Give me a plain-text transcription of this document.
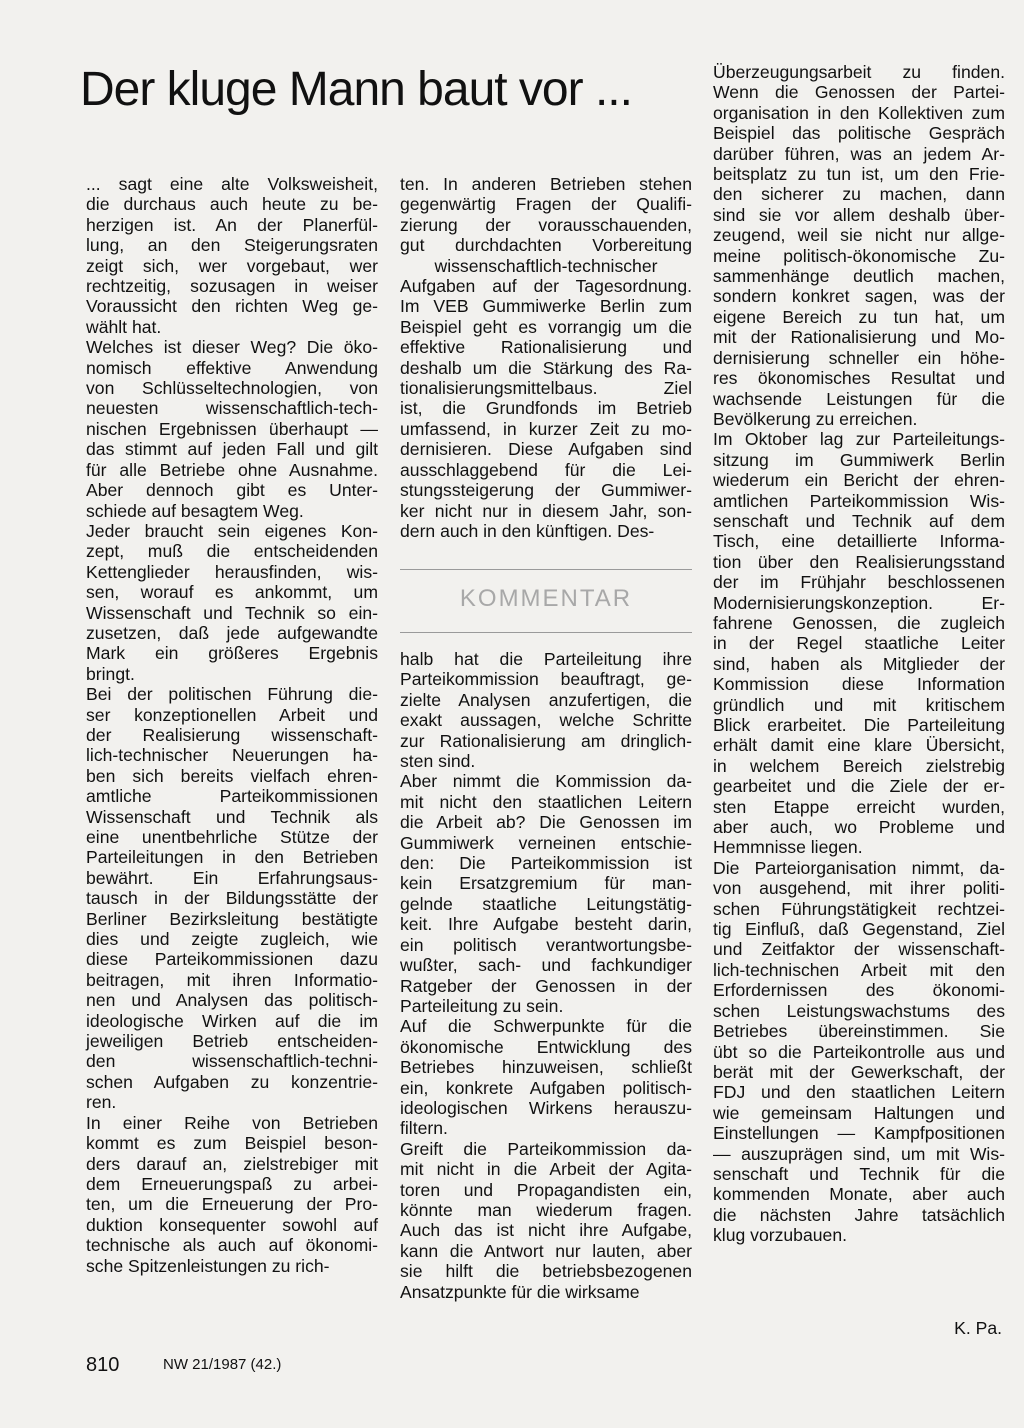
Der kluge Mann baut vor ...
... sagt eine alte Volksweisheit,
die durchaus auch heute zu be-
herzigen ist. An der Planerfül-
lung, an den Steigerungsraten
zeigt sich, wer vorgebaut, wer
rechtzeitig, sozusagen in weiser
Voraussicht den richten Weg ge-
wählt hat.
Welches ist dieser Weg? Die öko-
nomisch effektive Anwendung
von Schlüsseltechnologien, von
neuesten wissenschaftlich-tech-
nischen Ergebnissen überhaupt —
das stimmt auf jeden Fall und gilt
für alle Betriebe ohne Ausnahme.
Aber dennoch gibt es Unter-
schiede auf besagtem Weg.
Jeder braucht sein eigenes Kon-
zept, muß die entscheidenden
Kettenglieder herausfinden, wis-
sen, worauf es ankommt, um
Wissenschaft und Technik so ein-
zusetzen, daß jede aufgewandte
Mark ein größeres Ergebnis
bringt.
Bei der politischen Führung die-
ser konzeptionellen Arbeit und
der Realisierung wissenschaft-
lich-technischer Neuerungen ha-
ben sich bereits vielfach ehren-
amtliche Parteikommissionen
Wissenschaft und Technik als
eine unentbehrliche Stütze der
Parteileitungen in den Betrieben
bewährt. Ein Erfahrungsaus-
tausch in der Bildungsstätte der
Berliner Bezirksleitung bestätigte
dies und zeigte zugleich, wie
diese Parteikommissionen dazu
beitragen, mit ihren Informatio-
nen und Analysen das politisch-
ideologische Wirken auf die im
jeweiligen Betrieb entscheiden-
den wissenschaftlich-techni-
schen Aufgaben zu konzentrie-
ren.
In einer Reihe von Betrieben
kommt es zum Beispiel beson-
ders darauf an, zielstrebiger mit
dem Erneuerungspaß zu arbei-
ten, um die Erneuerung der Pro-
duktion konsequenter sowohl auf
technische als auch auf ökonomi-
sche Spitzenleistungen zu rich-
ten. In anderen Betrieben stehen
gegenwärtig Fragen der Qualifi-
zierung der vorausschauenden,
gut durchdachten Vorbereitung
wissenschaftlich-technischer
Aufgaben auf der Tagesordnung.
Im VEB Gummiwerke Berlin zum
Beispiel geht es vorrangig um die
effektive Rationalisierung und
deshalb um die Stärkung des Ra-
tionalisierungsmittelbaus. Ziel
ist, die Grundfonds im Betrieb
umfassend, in kurzer Zeit zu mo-
dernisieren. Diese Aufgaben sind
ausschlaggebend für die Lei-
stungssteigerung der Gummiwer-
ker nicht nur in diesem Jahr, son-
dern auch in den künftigen. Des-
KOMMENTAR
halb hat die Parteileitung ihre
Parteikommission beauftragt, ge-
zielte Analysen anzufertigen, die
exakt aussagen, welche Schritte
zur Rationalisierung am dringlich-
sten sind.
Aber nimmt die Kommission da-
mit nicht den staatlichen Leitern
die Arbeit ab? Die Genossen im
Gummiwerk verneinen entschie-
den: Die Parteikommission ist
kein Ersatzgremium für man-
gelnde staatliche Leitungstätig-
keit. Ihre Aufgabe besteht darin,
ein politisch verantwortungsbe-
wußter, sach- und fachkundiger
Ratgeber der Genossen in der
Parteileitung zu sein.
Auf die Schwerpunkte für die
ökonomische Entwicklung des
Betriebes hinzuweisen, schließt
ein, konkrete Aufgaben politisch-
ideologischen Wirkens herauszu-
filtern.
Greift die Parteikommission da-
mit nicht in die Arbeit der Agita-
toren und Propagandisten ein,
könnte man wiederum fragen.
Auch das ist nicht ihre Aufgabe,
kann die Antwort nur lauten, aber
sie hilft die betriebsbezogenen
Ansatzpunkte für die wirksame
Überzeugungsarbeit zu finden.
Wenn die Genossen der Partei-
organisation in den Kollektiven zum
Beispiel das politische Gespräch
darüber führen, was an jedem Ar-
beitsplatz zu tun ist, um den Frie-
den sicherer zu machen, dann
sind sie vor allem deshalb über-
zeugend, weil sie nicht nur allge-
meine politisch-ökonomische Zu-
sammenhänge deutlich machen,
sondern konkret sagen, was der
eigene Bereich zu tun hat, um
mit der Rationalisierung und Mo-
dernisierung schneller ein höhe-
res ökonomisches Resultat und
wachsende Leistungen für die
Bevölkerung zu erreichen.
Im Oktober lag zur Parteileitungs-
sitzung im Gummiwerk Berlin
wiederum ein Bericht der ehren-
amtlichen Parteikommission Wis-
senschaft und Technik auf dem
Tisch, eine detaillierte Informa-
tion über den Realisierungsstand
der im Frühjahr beschlossenen
Modernisierungskonzeption. Er-
fahrene Genossen, die zugleich
in der Regel staatliche Leiter
sind, haben als Mitglieder der
Kommission diese Information
gründlich und mit kritischem
Blick erarbeitet. Die Parteileitung
erhält damit eine klare Übersicht,
in welchem Bereich zielstrebig
gearbeitet und die Ziele der er-
sten Etappe erreicht wurden,
aber auch, wo Probleme und
Hemmnisse liegen.
Die Parteiorganisation nimmt, da-
von ausgehend, mit ihrer politi-
schen Führungstätigkeit rechtzei-
tig Einfluß, daß Gegenstand, Ziel
und Zeitfaktor der wissenschaft-
lich-technischen Arbeit mit den
Erfordernissen des ökonomi-
schen Leistungswachstums des
Betriebes übereinstimmen. Sie
übt so die Parteikontrolle aus und
berät mit der Gewerkschaft, der
FDJ und den staatlichen Leitern
wie gemeinsam Haltungen und
Einstellungen — Kampfpositionen
— auszuprägen sind, um mit Wis-
senschaft und Technik für die
kommenden Monate, aber auch
die nächsten Jahre tatsächlich
klug vorzubauen.
K. Pa.
810	NW 21/1987 (42.)
